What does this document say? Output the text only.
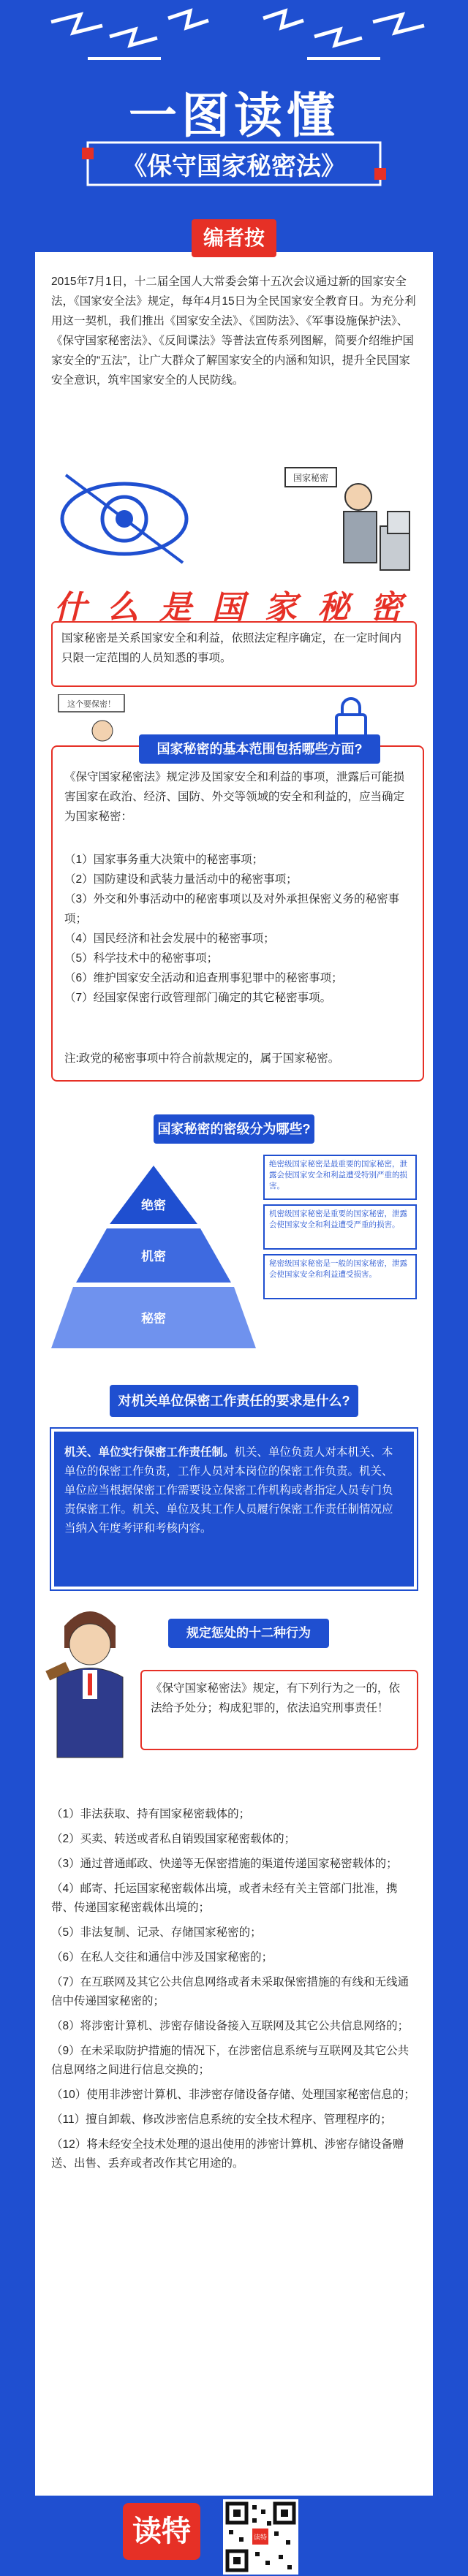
一图读懂
《保守国家秘密法》
编者按
2015年7月1日，十二届全国人大常委会第十五次会议通过新的国家安全法，《国家安全法》规定，每年4月15日为全民国家安全教育日。为充分利用这一契机，我们推出《国家安全法》、《国防法》、《军事设施保护法》、《保守国家秘密法》、《反间谍法》等普法宣传系列图解，简要介绍维护国家安全的“五法”，让广大群众了解国家安全的内涵和知识，提升全民国家安全意识，筑牢国家安全的人民防线。
国家秘密
什 么 是 国 家 秘 密
国家秘密是关系国家安全和利益，依照法定程序确定，在一定时间内只限一定范围的人员知悉的事项。
这个要保密！
国家秘密的基本范围包括哪些方面?
《保守国家秘密法》规定涉及国家安全和利益的事项，泄露后可能损害国家在政治、经济、国防、外交等领域的安全和利益的，应当确定为国家秘密：
（1）国家事务重大决策中的秘密事项；
（2）国防建设和武装力量活动中的秘密事项；
（3）外交和外事活动中的秘密事项以及对外承担保密义务的秘密事项；
（4）国民经济和社会发展中的秘密事项；
（5）科学技术中的秘密事项；
（6）维护国家安全活动和追查刑事犯罪中的秘密事项；
（7）经国家保密行政管理部门确定的其它秘密事项。
注:政党的秘密事项中符合前款规定的，属于国家秘密。
国家秘密的密级分为哪些?
绝密
机密
秘密
绝密级国家秘密是最重要的国家秘密，泄露会使国家安全和利益遭受特别严重的损害。
机密级国家秘密是重要的国家秘密，泄露会使国家安全和利益遭受严重的损害。
秘密级国家秘密是一般的国家秘密，泄露会使国家安全和利益遭受损害。
对机关单位保密工作责任的要求是什么?
机关、单位实行保密工作责任制。机关、单位负责人对本机关、本单位的保密工作负责，工作人员对本岗位的保密工作负责。机关、单位应当根据保密工作需要设立保密工作机构或者指定人员专门负责保密工作。机关、单位及其工作人员履行保密工作责任制情况应当纳入年度考评和考核内容。
规定惩处的十二种行为
《保守国家秘密法》规定，有下列行为之一的，依法给予处分；构成犯罪的，依法追究刑事责任！
（1）非法获取、持有国家秘密载体的；
（2）买卖、转送或者私自销毁国家秘密载体的；
（3）通过普通邮政、快递等无保密措施的渠道传递国家秘密载体的；
（4）邮寄、托运国家秘密载体出境，或者未经有关主管部门批准，携带、传递国家秘密载体出境的；
（5）非法复制、记录、存储国家秘密的；
（6）在私人交往和通信中涉及国家秘密的；
（7）在互联网及其它公共信息网络或者未采取保密措施的有线和无线通信中传递国家秘密的；
（8）将涉密计算机、涉密存储设备接入互联网及其它公共信息网络的；
（9）在未采取防护措施的情况下，在涉密信息系统与互联网及其它公共信息网络之间进行信息交换的；
（10）使用非涉密计算机、非涉密存储设备存储、处理国家秘密信息的；
（11）擅自卸载、修改涉密信息系统的安全技术程序、管理程序的；
（12）将未经安全技术处理的退出使用的涉密计算机、涉密存储设备赠送、出售、丢弃或者改作其它用途的。
读特	读特
